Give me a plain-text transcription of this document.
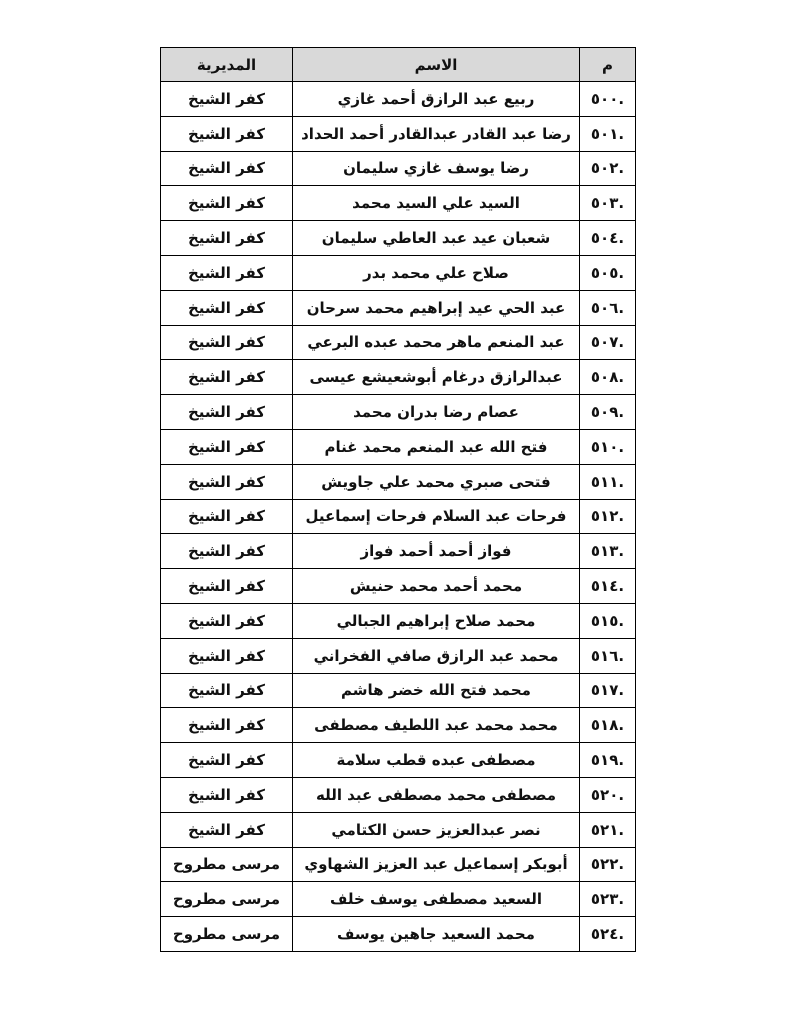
م	الاسم	المديرية
.٥٠٠	ربيع عبد الرازق أحمد غازي	كفر الشيخ
.٥٠١	رضا عبد القادر عبدالقادر أحمد الحداد	كفر الشيخ
.٥٠٢	رضا يوسف غازي سليمان	كفر الشيخ
.٥٠٣	السيد علي السيد محمد	كفر الشيخ
.٥٠٤	شعبان عيد عبد العاطي سليمان	كفر الشيخ
.٥٠٥	صلاح علي محمد بدر	كفر الشيخ
.٥٠٦	عبد الحي عيد إبراهيم محمد سرحان	كفر الشيخ
.٥٠٧	عبد المنعم ماهر محمد عبده البرعي	كفر الشيخ
.٥٠٨	عبدالرازق درغام أبوشعيشع عيسى	كفر الشيخ
.٥٠٩	عصام رضا بدران محمد	كفر الشيخ
.٥١٠	فتح الله عبد المنعم محمد غنام	كفر الشيخ
.٥١١	فتحى صبري محمد علي جاويش	كفر الشيخ
.٥١٢	فرحات عبد السلام فرحات إسماعيل	كفر الشيخ
.٥١٣	فواز أحمد أحمد فواز	كفر الشيخ
.٥١٤	محمد أحمد محمد حنيش	كفر الشيخ
.٥١٥	محمد صلاح إبراهيم الجبالي	كفر الشيخ
.٥١٦	محمد عبد الرازق صافي الفخراني	كفر الشيخ
.٥١٧	محمد فتح الله خضر هاشم	كفر الشيخ
.٥١٨	محمد محمد عبد اللطيف مصطفى	كفر الشيخ
.٥١٩	مصطفى عبده قطب سلامة	كفر الشيخ
.٥٢٠	مصطفى محمد مصطفى عبد الله	كفر الشيخ
.٥٢١	نصر عبدالعزيز حسن الكتامي	كفر الشيخ
.٥٢٢	أبوبكر إسماعيل عبد العزيز الشهاوي	مرسى مطروح
.٥٢٣	السعيد مصطفى يوسف خلف	مرسى مطروح
.٥٢٤	محمد السعيد جاهين يوسف	مرسى مطروح
